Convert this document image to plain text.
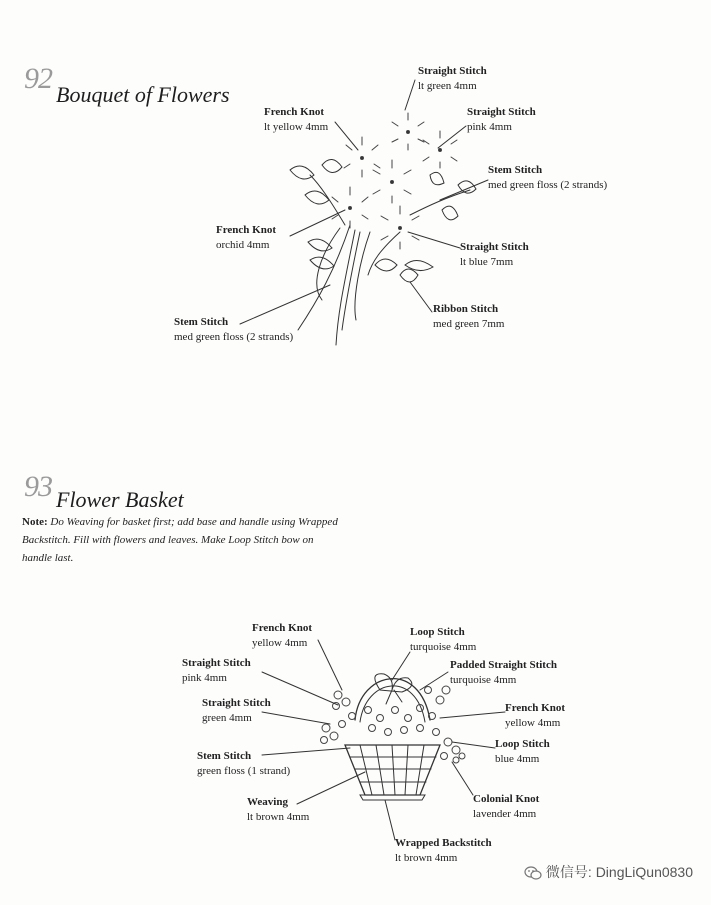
92 Bouquet of Flowers
Straight Stitch
lt green 4mm
French Knot
lt yellow 4mm
Straight Stitch
pink 4mm
Stem Stitch
med green floss (2 strands)
French Knot
orchid 4mm	Straight Stitch
lt blue 7mm
Ribbon Stitch
med green 7mm
Stem Stitch
med green floss (2 strands)
93 Flower Basket
Note: Do Weaving for basket first; add base and handle using Wrapped Backstitch. Fill with flowers and leaves. Make Loop Stitch bow on handle last.
French Knot
yellow 4mm
Loop Stitch
turquoise 4mm
Straight Stitch
pink 4mm
Padded Straight Stitch
turquoise 4mm
Straight Stitch
green 4mm
French Knot
yellow 4mm
Loop Stitch
blue 4mm
Stem Stitch
green floss (1 strand)
Weaving
lt brown 4mm
Colonial Knot
lavender 4mm
Wrapped Backstitch
lt brown 4mm
微信号: DingLiQun0830
